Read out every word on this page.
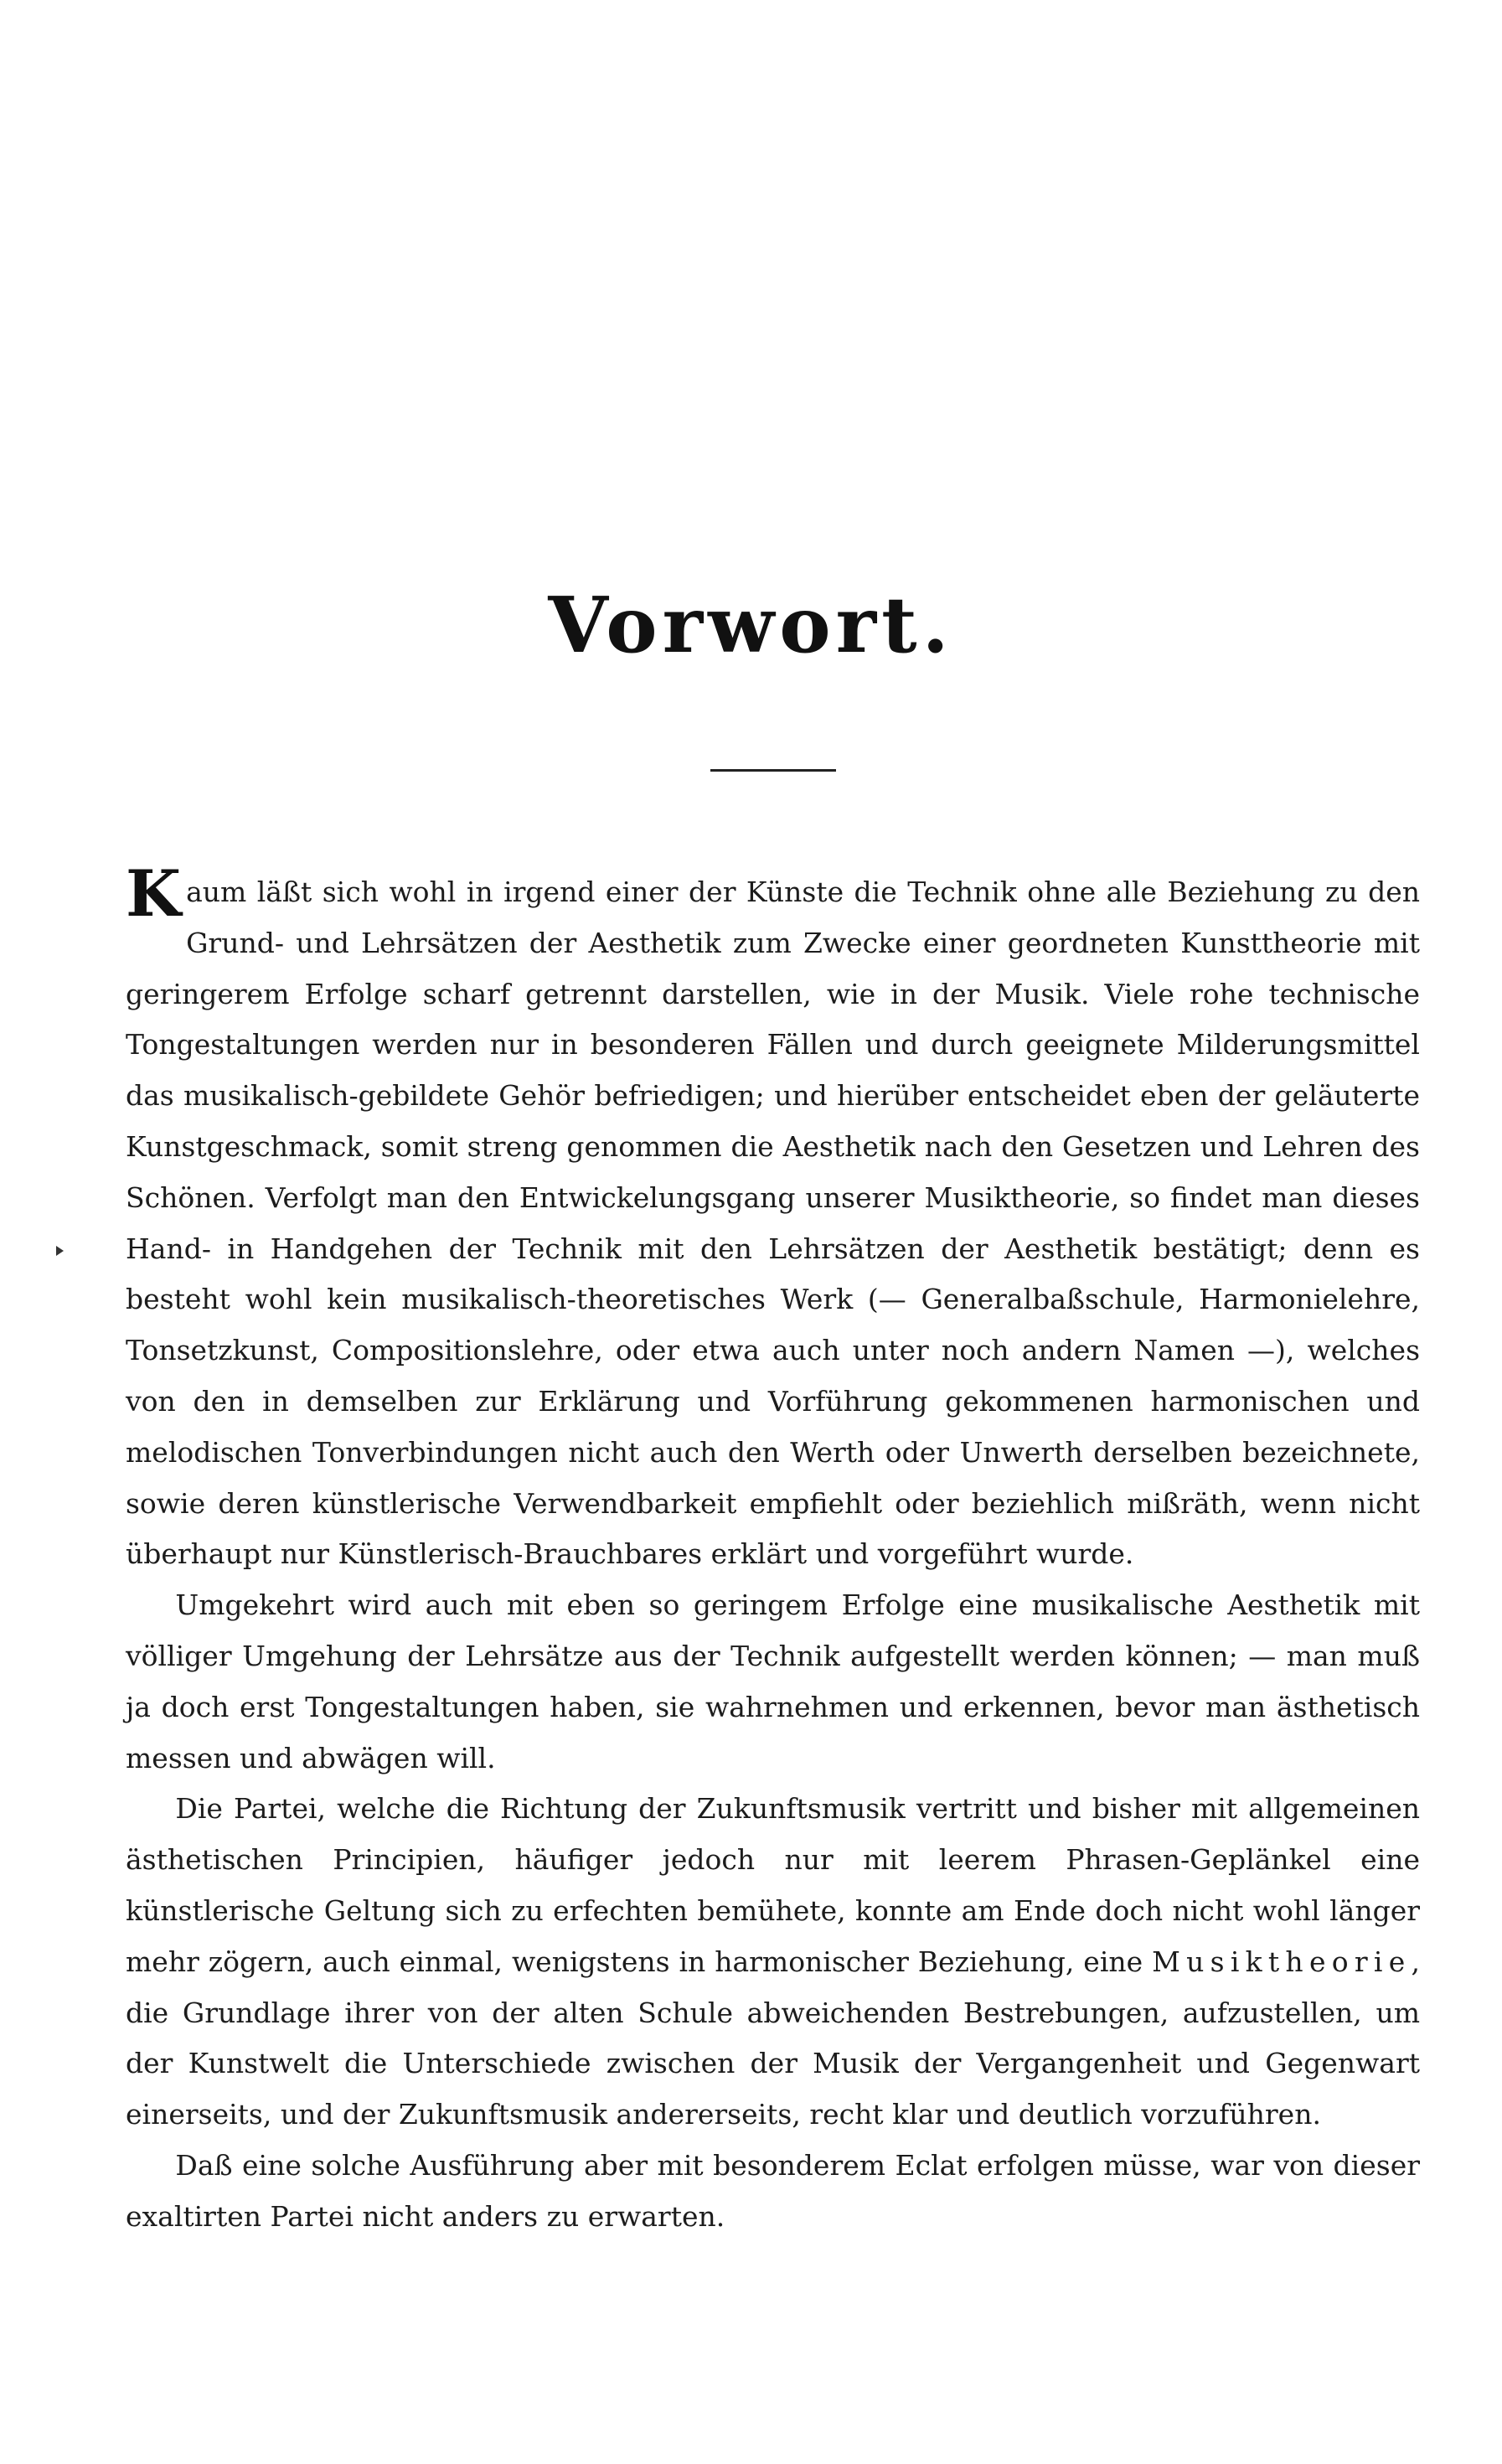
Vorwort.

Kaum läßt sich wohl in irgend einer der Künste die Technik ohne alle Beziehung zu den Grund- und Lehrsätzen der Aesthetik zum Zwecke einer geordneten Kunsttheorie mit geringerem Erfolge scharf getrennt darstellen, wie in der Musik. Viele rohe technische Tongestaltungen werden nur in besonderen Fällen und durch geeignete Milderungsmittel das musikalisch-gebildete Gehör befriedigen; und hierüber entscheidet eben der geläuterte Kunstgeschmack, somit streng genommen die Aesthetik nach den Gesetzen und Lehren des Schönen. Verfolgt man den Entwickelungsgang unserer Musiktheorie, so findet man dieses Hand- in Handgehen der Technik mit den Lehrsätzen der Aesthetik bestätigt; denn es besteht wohl kein musikalisch-theoretisches Werk (— Generalbaßschule, Harmonielehre, Tonsetzkunst, Compositionslehre, oder etwa auch unter noch andern Namen —), welches von den in demselben zur Erklärung und Vorführung gekommenen harmonischen und melodischen Tonverbindungen nicht auch den Werth oder Unwerth derselben bezeichnete, sowie deren künstlerische Verwendbarkeit empfiehlt oder beziehlich mißräth, wenn nicht überhaupt nur Künstlerisch-Brauchbares erklärt und vorgeführt wurde.

Umgekehrt wird auch mit eben so geringem Erfolge eine musikalische Aesthetik mit völliger Umgehung der Lehrsätze aus der Technik aufgestellt werden können; — man muß ja doch erst Tongestaltungen haben, sie wahrnehmen und erkennen, bevor man ästhetisch messen und abwägen will.

Die Partei, welche die Richtung der Zukunftsmusik vertritt und bisher mit allgemeinen ästhetischen Principien, häufiger jedoch nur mit leerem Phrasen-Geplänkel eine künstlerische Geltung sich zu erfechten bemühete, konnte am Ende doch nicht wohl länger mehr zögern, auch einmal, wenigstens in harmonischer Beziehung, eine Musiktheorie, die Grundlage ihrer von der alten Schule abweichenden Bestrebungen, aufzustellen, um der Kunstwelt die Unterschiede zwischen der Musik der Vergangenheit und Gegenwart einerseits, und der Zukunftsmusik andererseits, recht klar und deutlich vorzuführen.

Daß eine solche Ausführung aber mit besonderem Eclat erfolgen müsse, war von dieser exaltirten Partei nicht anders zu erwarten.
